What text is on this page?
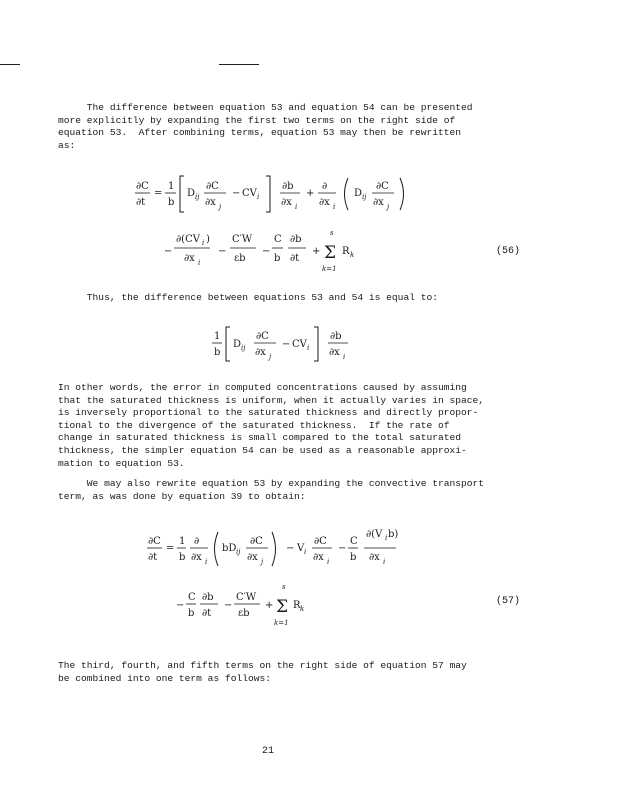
The difference between equation 53 and equation 54 can be presented
more explicitly by expanding the first two terms on the right side of
equation 53.  After combining terms, equation 53 may then be rewritten
as:

∂C
∂t
=
1
b
D ij
∂C
∂x j
− CV i
∂b
∂x i
+
∂
∂x i
D ij
∂C
∂x j
−
∂(CV i )
∂x i
−
C′W
εb
−
C
b
∂b
∂t
+
s
Σ
k=1
R k	(56)

Thus, the difference between equations 53 and 54 is equal to:

1
b
D ij
∂C
∂x j
− CV i
∂b
∂x i

In other words, the error in computed concentrations caused by assuming
that the saturated thickness is uniform, when it actually varies in space,
is inversely proportional to the saturated thickness and directly propor-
tional to the divergence of the saturated thickness.  If the rate of
change in saturated thickness is small compared to the total saturated
thickness, the simpler equation 54 can be used as a reasonable approxi-
mation to equation 53.

We may also rewrite equation 53 by expanding the convective transport
term, as was done by equation 39 to obtain:

∂C
∂t
=
1
b
∂
∂x i
bD ij
∂C
∂x j
− V i
∂C
∂x i
−
C
b
∂(V i b)
∂x i
−
C
b
∂b
∂t
−
C′W
εb
+
s
Σ
k=1
R k
(57)

The third, fourth, and fifth terms on the right side of equation 57 may
be combined into one term as follows:

21
